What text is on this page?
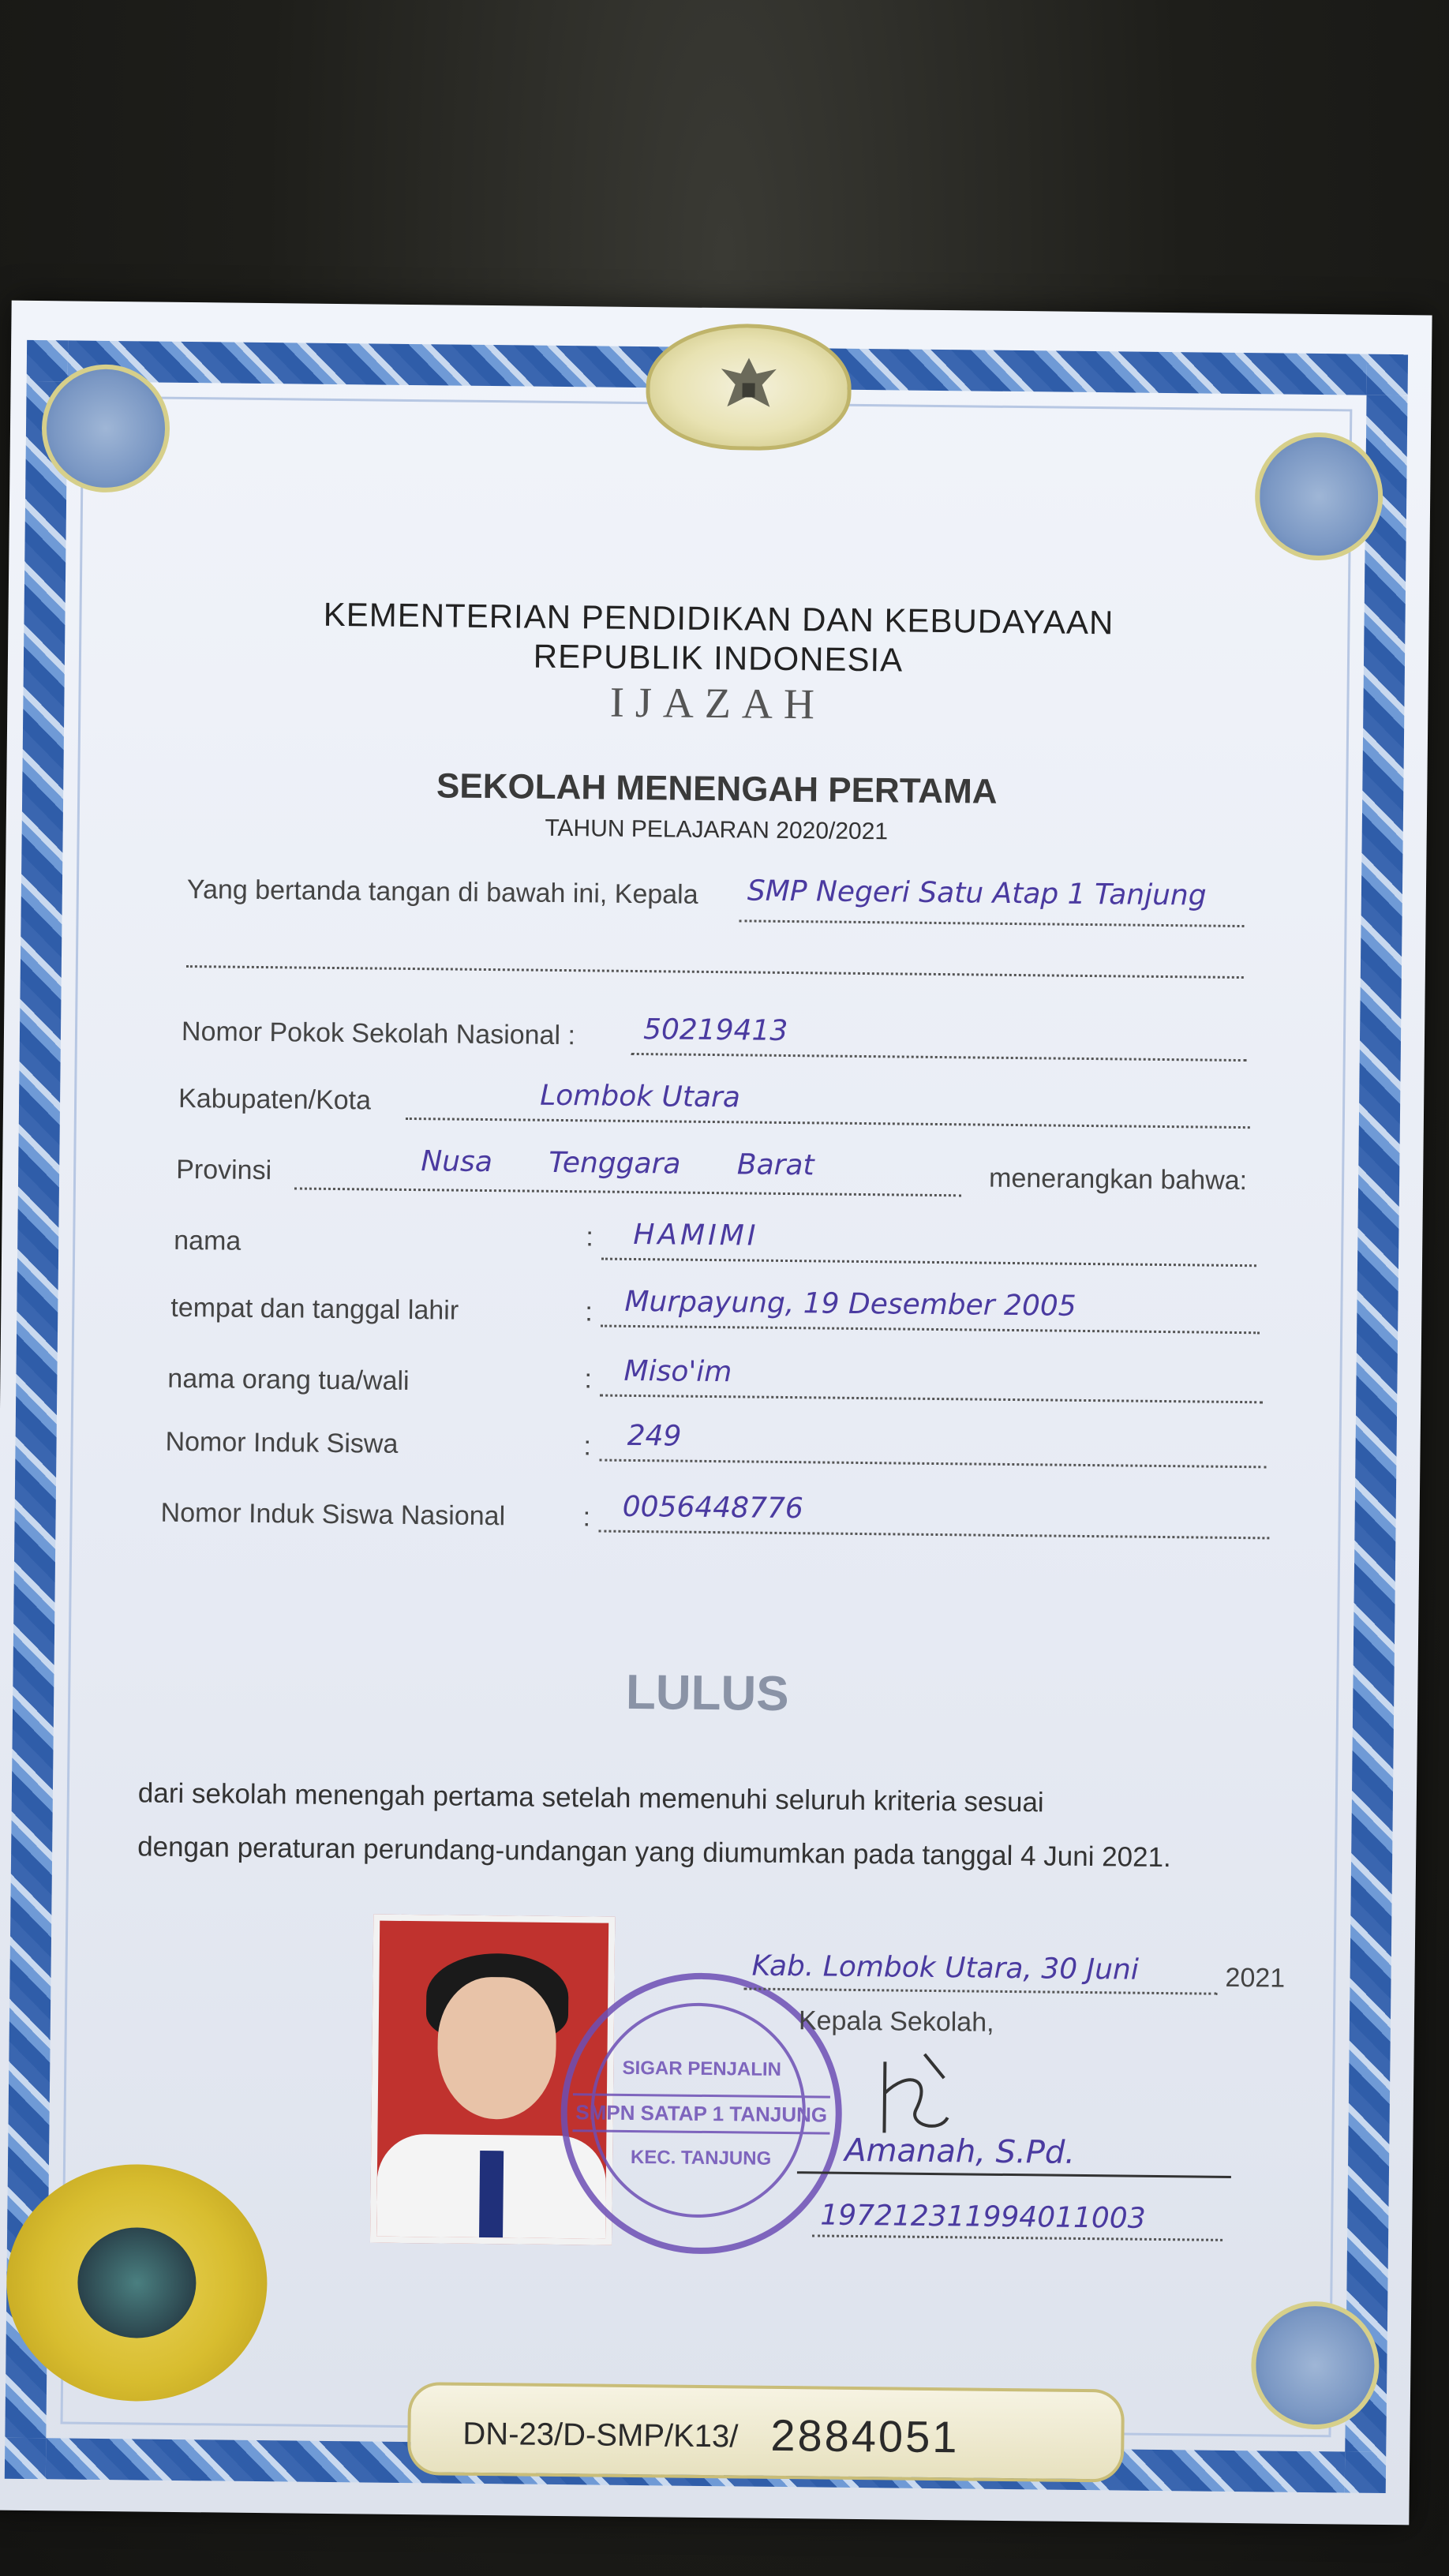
KEMENTERIAN PENDIDIKAN DAN KEBUDAYAAN
REPUBLIK INDONESIA
IJAZAH
SEKOLAH MENENGAH PERTAMA
TAHUN PELAJARAN 2020/2021
Yang bertanda tangan di bawah ini, Kepala SMP Negeri Satu Atap 1 Tanjung
Nomor Pokok Sekolah Nasional : 50219413
Kabupaten/Kota	Lombok Utara
Provinsi	Nusa Tenggara Barat	menerangkan bahwa:
nama	: HAMIMI
tempat dan tanggal lahir	: Murpayung, 19 Desember 2005
nama orang tua/wali	: Miso'im
Nomor Induk Siswa	: 249
Nomor Induk Siswa Nasional	: 0056448776
LULUS
dari sekolah menengah pertama setelah memenuhi seluruh kriteria sesuai
dengan peraturan perundang-undangan yang diumumkan pada tanggal 4 Juni 2021.
SIGAR PENJALIN
SMPN SATAP 1 TANJUNG
KEC. TANJUNG
Kab. Lombok Utara, 30 Juni	2021
Kepala Sekolah,
Amanah, S.Pd.
197212311994011003
DN-23/D-SMP/K13/ 2884051
